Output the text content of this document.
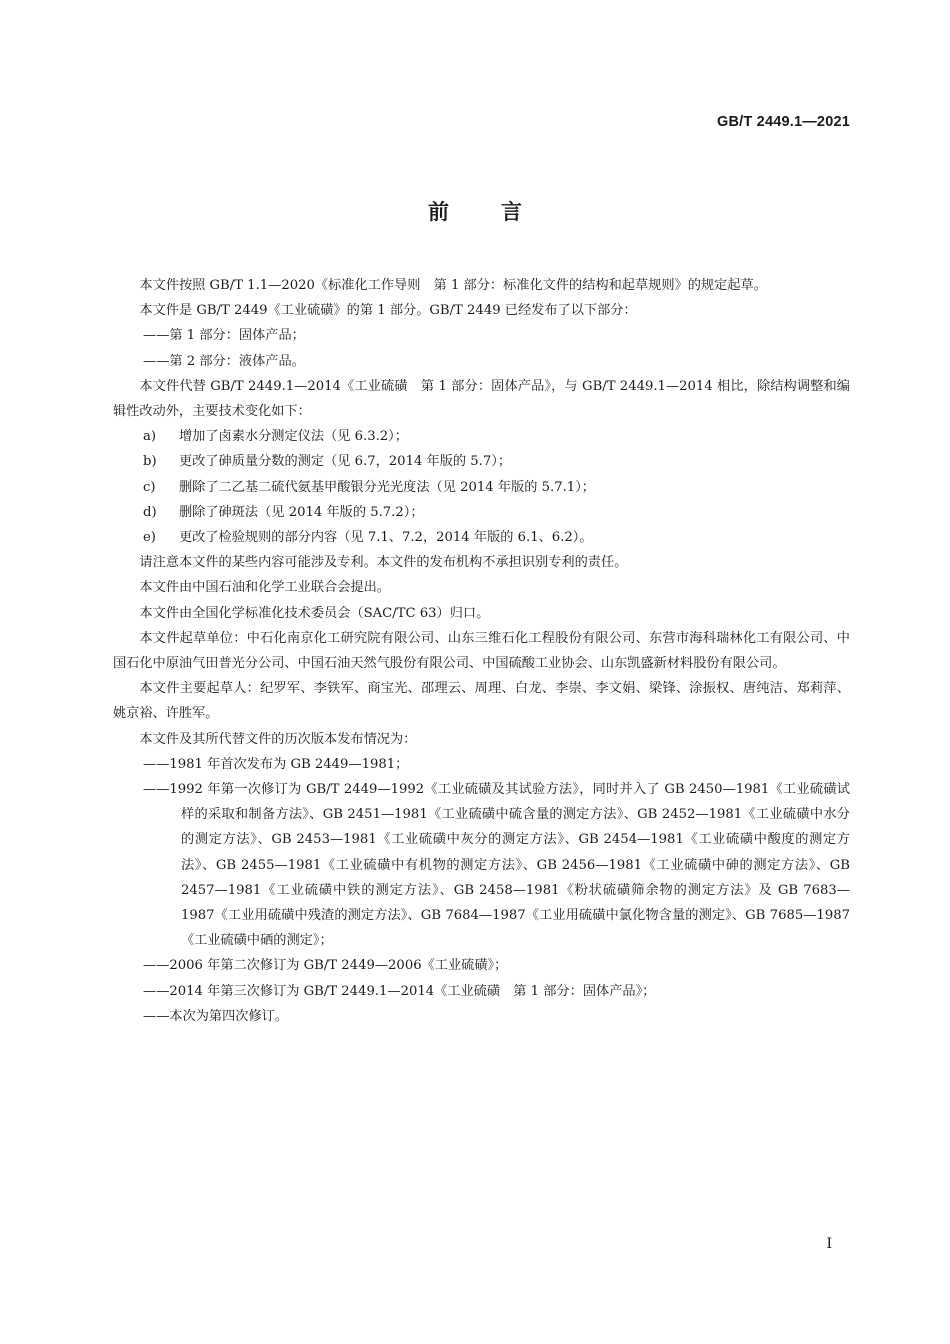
GB/T 2449.1—2021
前言

本文件按照 GB/T 1.1—2020《标准化工作导则　第 1 部分：标准化文件的结构和起草规则》的规定起草。

本文件是 GB/T 2449《工业硫磺》的第 1 部分。GB/T 2449 已经发布了以下部分：

——第 1 部分：固体产品；

——第 2 部分：液体产品。

本文件代替 GB/T 2449.1—2014《工业硫磺　第 1 部分：固体产品》，与 GB/T 2449.1—2014 相比，除结构调整和编辑性改动外，主要技术变化如下：

a) 增加了卤素水分测定仪法（见 6.3.2）；

b) 更改了砷质量分数的测定（见 6.7，2014 年版的 5.7）；

c) 删除了二乙基二硫代氨基甲酸银分光光度法（见 2014 年版的 5.7.1）；

d) 删除了砷斑法（见 2014 年版的 5.7.2）；

e) 更改了检验规则的部分内容（见 7.1、7.2，2014 年版的 6.1、6.2）。

请注意本文件的某些内容可能涉及专利。本文件的发布机构不承担识别专利的责任。

本文件由中国石油和化学工业联合会提出。

本文件由全国化学标准化技术委员会（SAC/TC 63）归口。

本文件起草单位：中石化南京化工研究院有限公司、山东三维石化工程股份有限公司、东营市海科瑞林化工有限公司、中国石化中原油气田普光分公司、中国石油天然气股份有限公司、中国硫酸工业协会、山东凯盛新材料股份有限公司。

本文件主要起草人：纪罗军、李铁军、商宝光、邵理云、周理、白龙、李崇、李文娟、梁锋、涂振权、唐纯洁、郑莉萍、姚京裕、许胜军。

本文件及其所代替文件的历次版本发布情况为：

——1981 年首次发布为 GB 2449—1981；

——1992 年第一次修订为 GB/T 2449—1992《工业硫磺及其试验方法》，同时并入了 GB 2450—1981《工业硫磺试样的采取和制备方法》、GB 2451—1981《工业硫磺中硫含量的测定方法》、GB 2452—1981《工业硫磺中水分的测定方法》、GB 2453—1981《工业硫磺中灰分的测定方法》、GB 2454—1981《工业硫磺中酸度的测定方法》、GB 2455—1981《工业硫磺中有机物的测定方法》、GB 2456—1981《工业硫磺中砷的测定方法》、GB 2457—1981《工业硫磺中铁的测定方法》、GB 2458—1981《粉状硫磺筛余物的测定方法》及 GB 7683—1987《工业用硫磺中残渣的测定方法》、GB 7684—1987《工业用硫磺中氯化物含量的测定》、GB 7685—1987《工业硫磺中硒的测定》；

——2006 年第二次修订为 GB/T 2449—2006《工业硫磺》；

——2014 年第三次修订为 GB/T 2449.1—2014《工业硫磺　第 1 部分：固体产品》；

——本次为第四次修订。

I
